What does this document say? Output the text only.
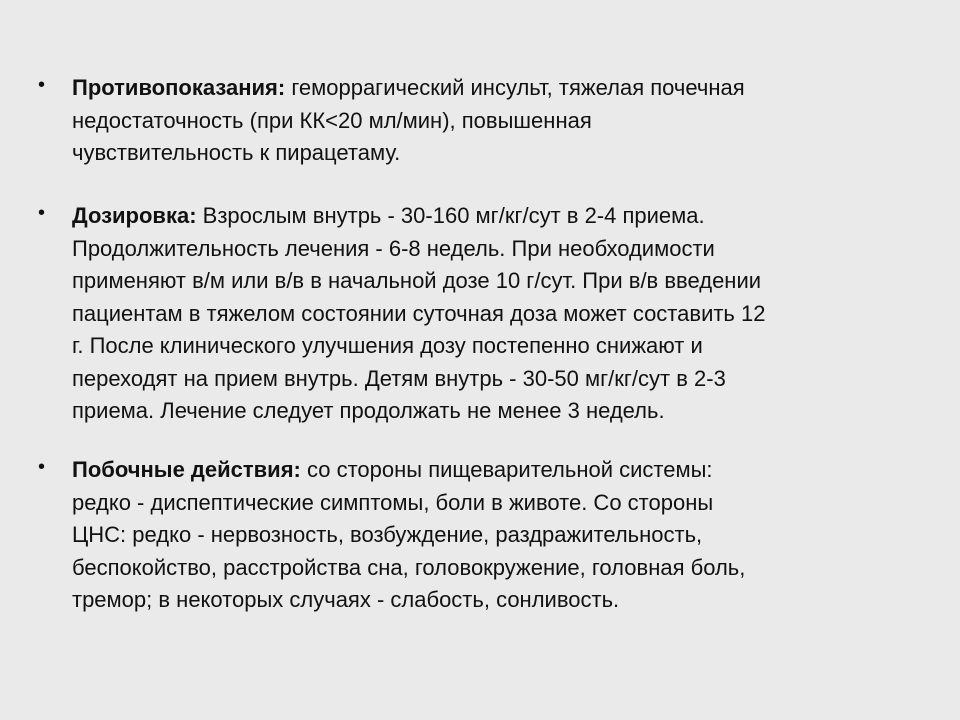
• Противопоказания: геморрагический инсульт, тяжелая почечная
недостаточность (при КК<20 мл/мин), повышенная
чувствительность к пирацетаму.
• Дозировка: Взрослым внутрь - 30-160 мг/кг/сут в 2-4 приема.
Продолжительность лечения - 6-8 недель. При необходимости
применяют в/м или в/в в начальной дозе 10 г/сут. При в/в введении
пациентам в тяжелом состоянии суточная доза может составить 12
г. После клинического улучшения дозу постепенно снижают и
переходят на прием внутрь. Детям внутрь - 30-50 мг/кг/сут в 2-3
приема. Лечение следует продолжать не менее 3 недель.
• Побочные действия: со стороны пищеварительной системы:
редко - диспептические симптомы, боли в животе. Со стороны
ЦНС: редко - нервозность, возбуждение, раздражительность,
беспокойство, расстройства сна, головокружение, головная боль,
тремор; в некоторых случаях - слабость, сонливость.
